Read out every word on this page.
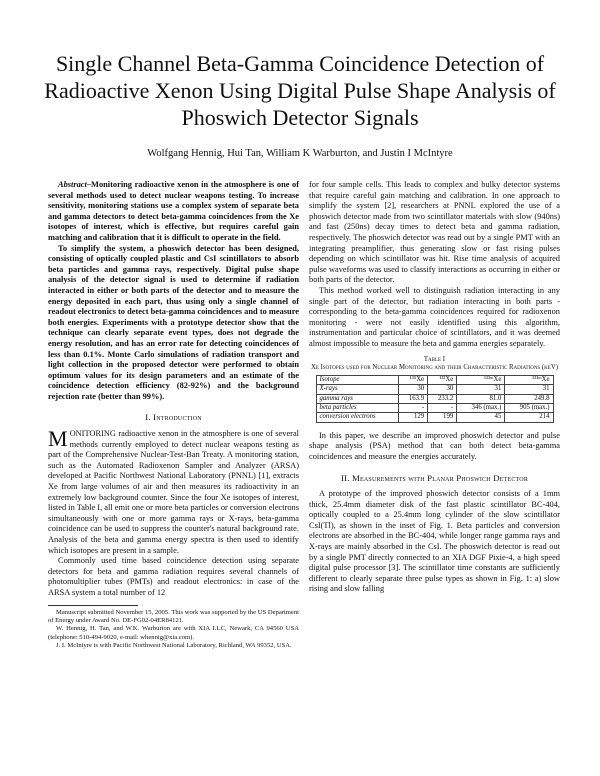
Single Channel Beta-Gamma Coincidence Detection of Radioactive Xenon Using Digital Pulse Shape Analysis of Phoswich Detector Signals
Wolfgang Hennig, Hui Tan, William K Warburton, and Justin I McIntyre

Abstract–Monitoring radioactive xenon in the atmosphere is one of several methods used to detect nuclear weapons testing. To increase sensitivity, monitoring stations use a complex system of separate beta and gamma detectors to detect beta-gamma coincidences from the Xe isotopes of interest, which is effective, but requires careful gain matching and calibration that it is difficult to operate in the field.

To simplify the system, a phoswich detector has been designed, consisting of optically coupled plastic and CsI scintillators to absorb beta particles and gamma rays, respectively. Digital pulse shape analysis of the detector signal is used to determine if radiation interacted in either or both parts of the detector and to measure the energy deposited in each part, thus using only a single channel of readout electronics to detect beta-gamma coincidences and to measure both energies. Experiments with a prototype detector show that the technique can clearly separate event types, does not degrade the energy resolution, and has an error rate for detecting coincidences of less than 0.1%. Monte Carlo simulations of radiation transport and light collection in the proposed detector were performed to obtain optimum values for its design parameters and an estimate of the coincidence detection efficiency (82-92%) and the background rejection rate (better than 99%).

I. Introduction

MONITORING radioactive xenon in the atmosphere is one of several methods currently employed to detect nuclear weapons testing as part of the Comprehensive Nuclear-Test-Ban Treaty. A monitoring station, such as the Automated Radioxenon Sampler and Analyzer (ARSA) developed at Pacific Northwest National Laboratory (PNNL) [1], extracts Xe from large volumes of air and then measures its radioactivity in an extremely low background counter. Since the four Xe isotopes of interest, listed in Table I, all emit one or more beta particles or conversion electrons simultaneously with one or more gamma rays or X-rays, beta-gamma coincidence can be used to suppress the counter's natural background rate. Analysis of the beta and gamma energy spectra is then used to identify which isotopes are present in a sample.

Commonly used time based coincidence detection using separate detectors for beta and gamma radiation requires several channels of photomultiplier tubes (PMTs) and readout electronics: in case of the ARSA system a total number of 12

Manuscript submitted November 15, 2005. This work was supported by the US Department of Energy under Award No. DE-FG02-04ER84121.

W. Hennig, H. Tan, and W.K. Warburton are with XIA LLC, Newark, CA 94560 USA (telephone: 510-494-9020, e-mail: whennig@xia.com).

J. I. McIntyre is with Pacific Northwest National Laboratory, Richland, WA 99352, USA.

for four sample cells. This leads to complex and bulky detector systems that require careful gain matching and calibration. In one approach to simplify the system [2], researchers at PNNL explored the use of a phoswich detector made from two scintillator materials with slow (940ns) and fast (250ns) decay times to detect beta and gamma radiation, respectively. The phoswich detector was read out by a single PMT with an integrating preamplifier, thus generating slow or fast rising pulses depending on which scintillator was hit. Rise time analysis of acquired pulse waveforms was used to classify interactions as occurring in either or both parts of the detector.

This method worked well to distinguish radiation interacting in any single part of the detector, but radiation interacting in both parts - corresponding to the beta-gamma coincidences required for radioxenon monitoring - were not easily identified using this algorithm, instrumentation and particular choice of scintillators, and it was deemed almost impossible to measure the beta and gamma energies separately.

Table I
Xe Isotopes used for Nuclear Monitoring and their Characteristic Radiations (keV)
Isotope	¹³⁵Xe	¹³³Xe	¹³³ᵐXe	¹³¹ᵐXe
X-rays	30	30	31	31
gamma rays	163.9	233.2	81.0	249.8
beta particles	-	-	346 (max.)	905 (max.)
conversion electrons	129	199	45	214

In this paper, we describe an improved phoswich detector and pulse shape analysis (PSA) method that can both detect beta-gamma coincidences and measure the energies accurately.

II. Measurements with Planar Phoswich Detector

A prototype of the improved phoswich detector consists of a 1mm thick, 25.4mm diameter disk of the fast plastic scintillator BC-404, optically coupled to a 25.4mm long cylinder of the slow scintillator CsI(Tl), as shown in the inset of Fig. 1. Beta particles and conversion electrons are absorbed in the BC-404, while longer range gamma rays and X-rays are mainly absorbed in the CsI. The phoswich detector is read out by a single PMT directly connected to an XIA DGF Pixie-4, a high speed digital pulse processor [3]. The scintillator time constants are sufficiently different to clearly separate three pulse types as shown in Fig. 1: a) slow rising and slow falling
